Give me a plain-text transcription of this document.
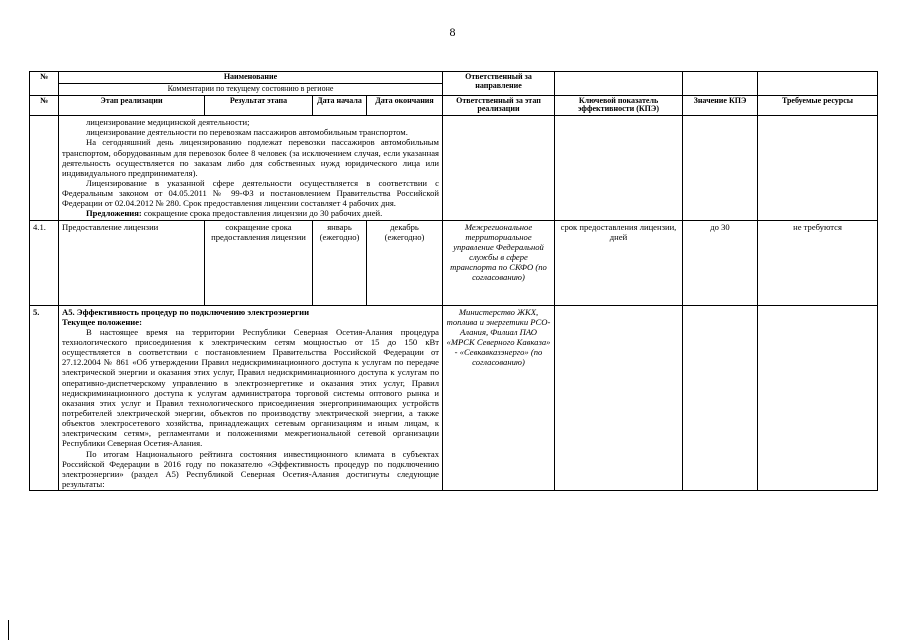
8
№	Наименование
Комментарии по текущему состоянию в регионе				Ответственный за направление			

№	Этап реализации	Результат этапа	Дата начала	Дата окончания	Ответственный за этап реализации	Ключевой показатель эффективности (КПЭ)	Значение КПЭ	Требуемые ресурсы

	лицензирование медицинской деятельности;

лицензирование деятельности по перевозкам пассажиров автомобильным транспортом.

На сегодняшний день лицензированию подлежат перевозки пассажиров автомобильным транспортом, оборудованным для перевозок более 8 человек (за исключением случая, если указанная деятельность осуществляется по заказам либо для собственных нужд юридического лица или индивидуального предпринимателя).

Лицензирование в указанной сфере деятельности осуществляется в соответствии с Федеральным законом от 04.05.2011 № 99-ФЗ и постановлением Правительства Российской Федерации от 02.04.2012 № 280. Срок предоставления лицензии составляет 4 рабочих дня.

Предложения: сокращение срока предоставления лицензии до 30 рабочих дней.							

4.1.	Предоставление лицензии	сокращение срока предоставления лицензии	январь (ежегодно)	декабрь (ежегодно)	Межрегиональное территориальное управление Федеральной службы в сфере транспорта по СКФО (по согласованию)	срок предоставления лицензии, дней	до 30	не требуются
5.	А5. Эффективность процедур по подключению электроэнергии

Текущее положение:

В настоящее время на территории Республики Северная Осетия-Алания процедура технологического присоединения к электрическим сетям мощностью от 15 до 150 кВт осуществляется в соответствии с постановлением Правительства Российской Федерации от 27.12.2004 № 861 «Об утверждении Правил недискриминационного доступа к услугам по передаче электрической энергии и оказания этих услуг, Правил недискриминационного доступа к услугам по оперативно-диспетчерскому управлению в электроэнергетике и оказания этих услуг, Правил недискриминационного доступа к услугам администратора торговой системы оптового рынка и оказания этих услуг и Правил технологического присоединения энергопринимающих устройств потребителей электрической энергии, объектов по производству электрической энергии, а также объектов электросетевого хозяйства, принадлежащих сетевым организациям и иным лицам, к электрическим сетям», регламентами и положениями межрегиональной сетевой организации Республики Северная Осетия-Алания.

По итогам Национального рейтинга состояния инвестиционного климата в субъектах Российской Федерации в 2016 году по показателю «Эффективность процедур по подключению электроэнергии» (раздел А5) Республикой Северная Осетия-Алания достигнуты следующие результаты:				Министерство ЖКХ, топлива и энергетики РСО-Алания, Филиал ПАО «МРСК Северного Кавказа» - «Севкавказэнерго» (по согласованию)			
